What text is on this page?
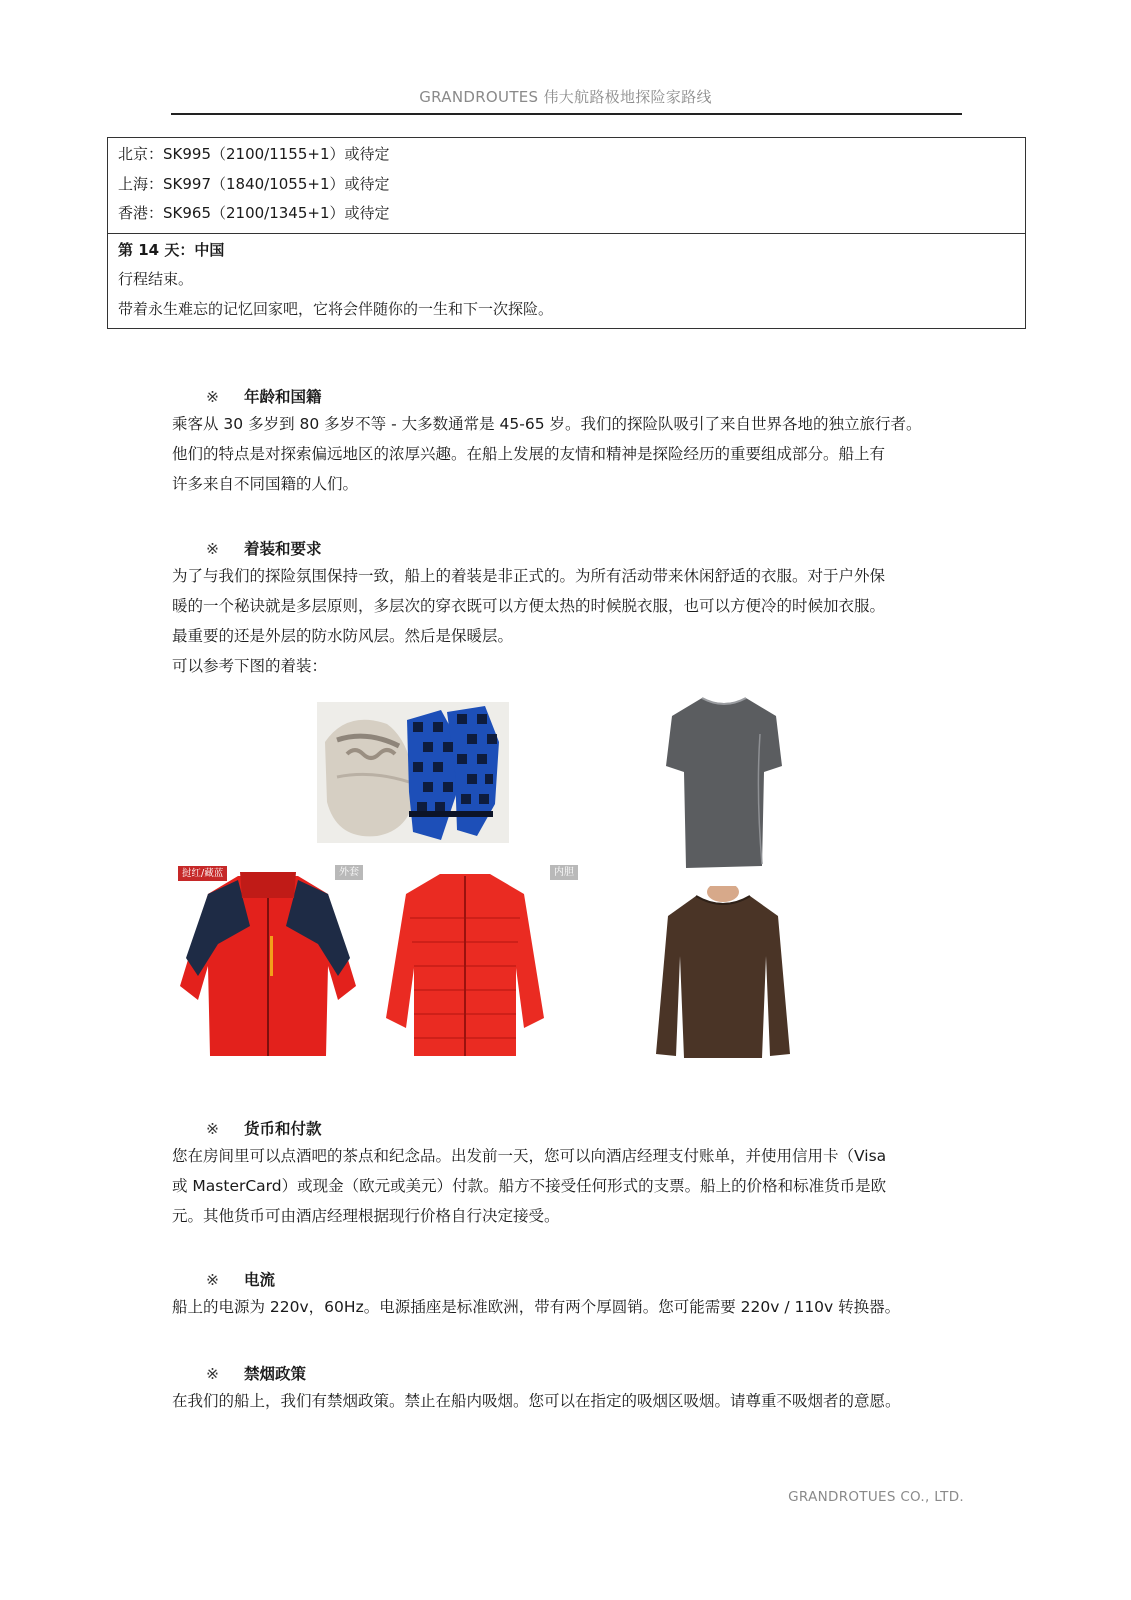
GRANDROUTES 伟大航路极地探险家路线
北京：SK995（2100/1155+1）或待定
上海：SK997（1840/1055+1）或待定
香港：SK965（2100/1345+1）或待定
第 14 天：中国
行程结束。
带着永生难忘的记忆回家吧，它将会伴随你的一生和下一次探险。
※ 年龄和国籍
乘客从 30 多岁到 80 多岁不等 - 大多数通常是 45-65 岁。我们的探险队吸引了来自世界各地的独立旅行者。
他们的特点是对探索偏远地区的浓厚兴趣。在船上发展的友情和精神是探险经历的重要组成部分。船上有
许多来自不同国籍的人们。
※ 着装和要求
为了与我们的探险氛围保持一致，船上的着装是非正式的。为所有活动带来休闲舒适的衣服。对于户外保
暖的一个秘诀就是多层原则，多层次的穿衣既可以方便太热的时候脱衣服，也可以方便冷的时候加衣服。
最重要的还是外层的防水防风层。然后是保暖层。
可以参考下图的着装：
挝红/藏蓝	外套	内胆
※ 货币和付款
您在房间里可以点酒吧的茶点和纪念品。出发前一天，您可以向酒店经理支付账单，并使用信用卡（Visa
或 MasterCard）或现金（欧元或美元）付款。船方不接受任何形式的支票。船上的价格和标准货币是欧
元。其他货币可由酒店经理根据现行价格自行决定接受。
※ 电流
船上的电源为 220v，60Hz。电源插座是标准欧洲，带有两个厚圆销。您可能需要 220v / 110v 转换器。
※ 禁烟政策
在我们的船上，我们有禁烟政策。禁止在船内吸烟。您可以在指定的吸烟区吸烟。请尊重不吸烟者的意愿。
GRANDROTUES CO., LTD.
